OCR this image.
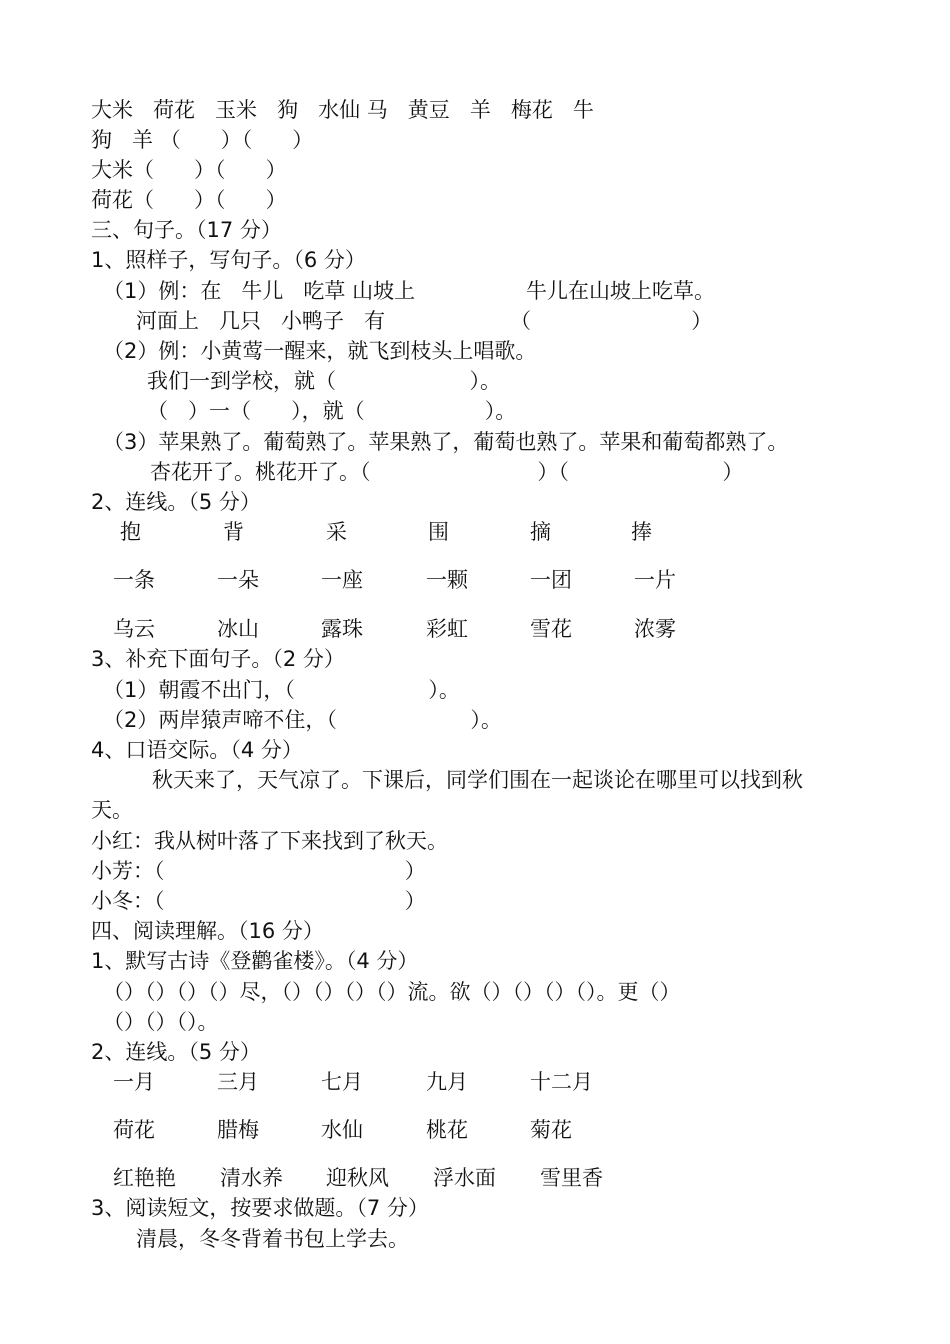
大米   荷花   玉米   狗   水仙 马   黄豆   羊   梅花   牛
狗   羊 （      ）（      ）
大米（      ）（      ）
荷花（      ）（      ）
三、句子。（17 分）
1、照样子，写句子。（6 分）
（1）例：在   牛儿   吃草 山坡上	牛儿在山坡上吃草。
河面上   几只   小鸭子   有	（                        ）
（2）例：小黄莺一醒来，就飞到枝头上唱歌。
我们一到学校，就（                    ）。
（   ）一（      ），就（                  ）。
（3）苹果熟了。葡萄熟了。苹果熟了，葡萄也熟了。苹果和葡萄都熟了。
杏花开了。桃花开了。（                         ）（                       ）
2、连线。（5 分）
抱	背	采	围	摘	捧
一条	一朵	一座	一颗	一团	一片
乌云	冰山	露珠	彩虹	雪花	浓雾
3、补充下面句子。（2 分）
（1）朝霞不出门，（                    ）。
（2）两岸猿声啼不住，（                    ）。
4、口语交际。（4 分）
秋天来了，天气凉了。下课后，同学们围在一起谈论在哪里可以找到秋
天。
小红：我从树叶落了下来找到了秋天。
小芳：（                                    ）
小冬：（                                    ）
四、阅读理解。（16 分）
1、默写古诗《登鹳雀楼》。（4 分）
（）（）（）（）尽，（）（）（）（）流。欲（）（）（）（）。更（）
（）（）（）。
2、连线。（5 分）
一月	三月	七月	九月	十二月
荷花	腊梅	水仙	桃花	菊花
红艳艳 清水养 迎秋风 浮水面 雪里香
3、阅读短文，按要求做题。（7 分）
清晨，冬冬背着书包上学去。
